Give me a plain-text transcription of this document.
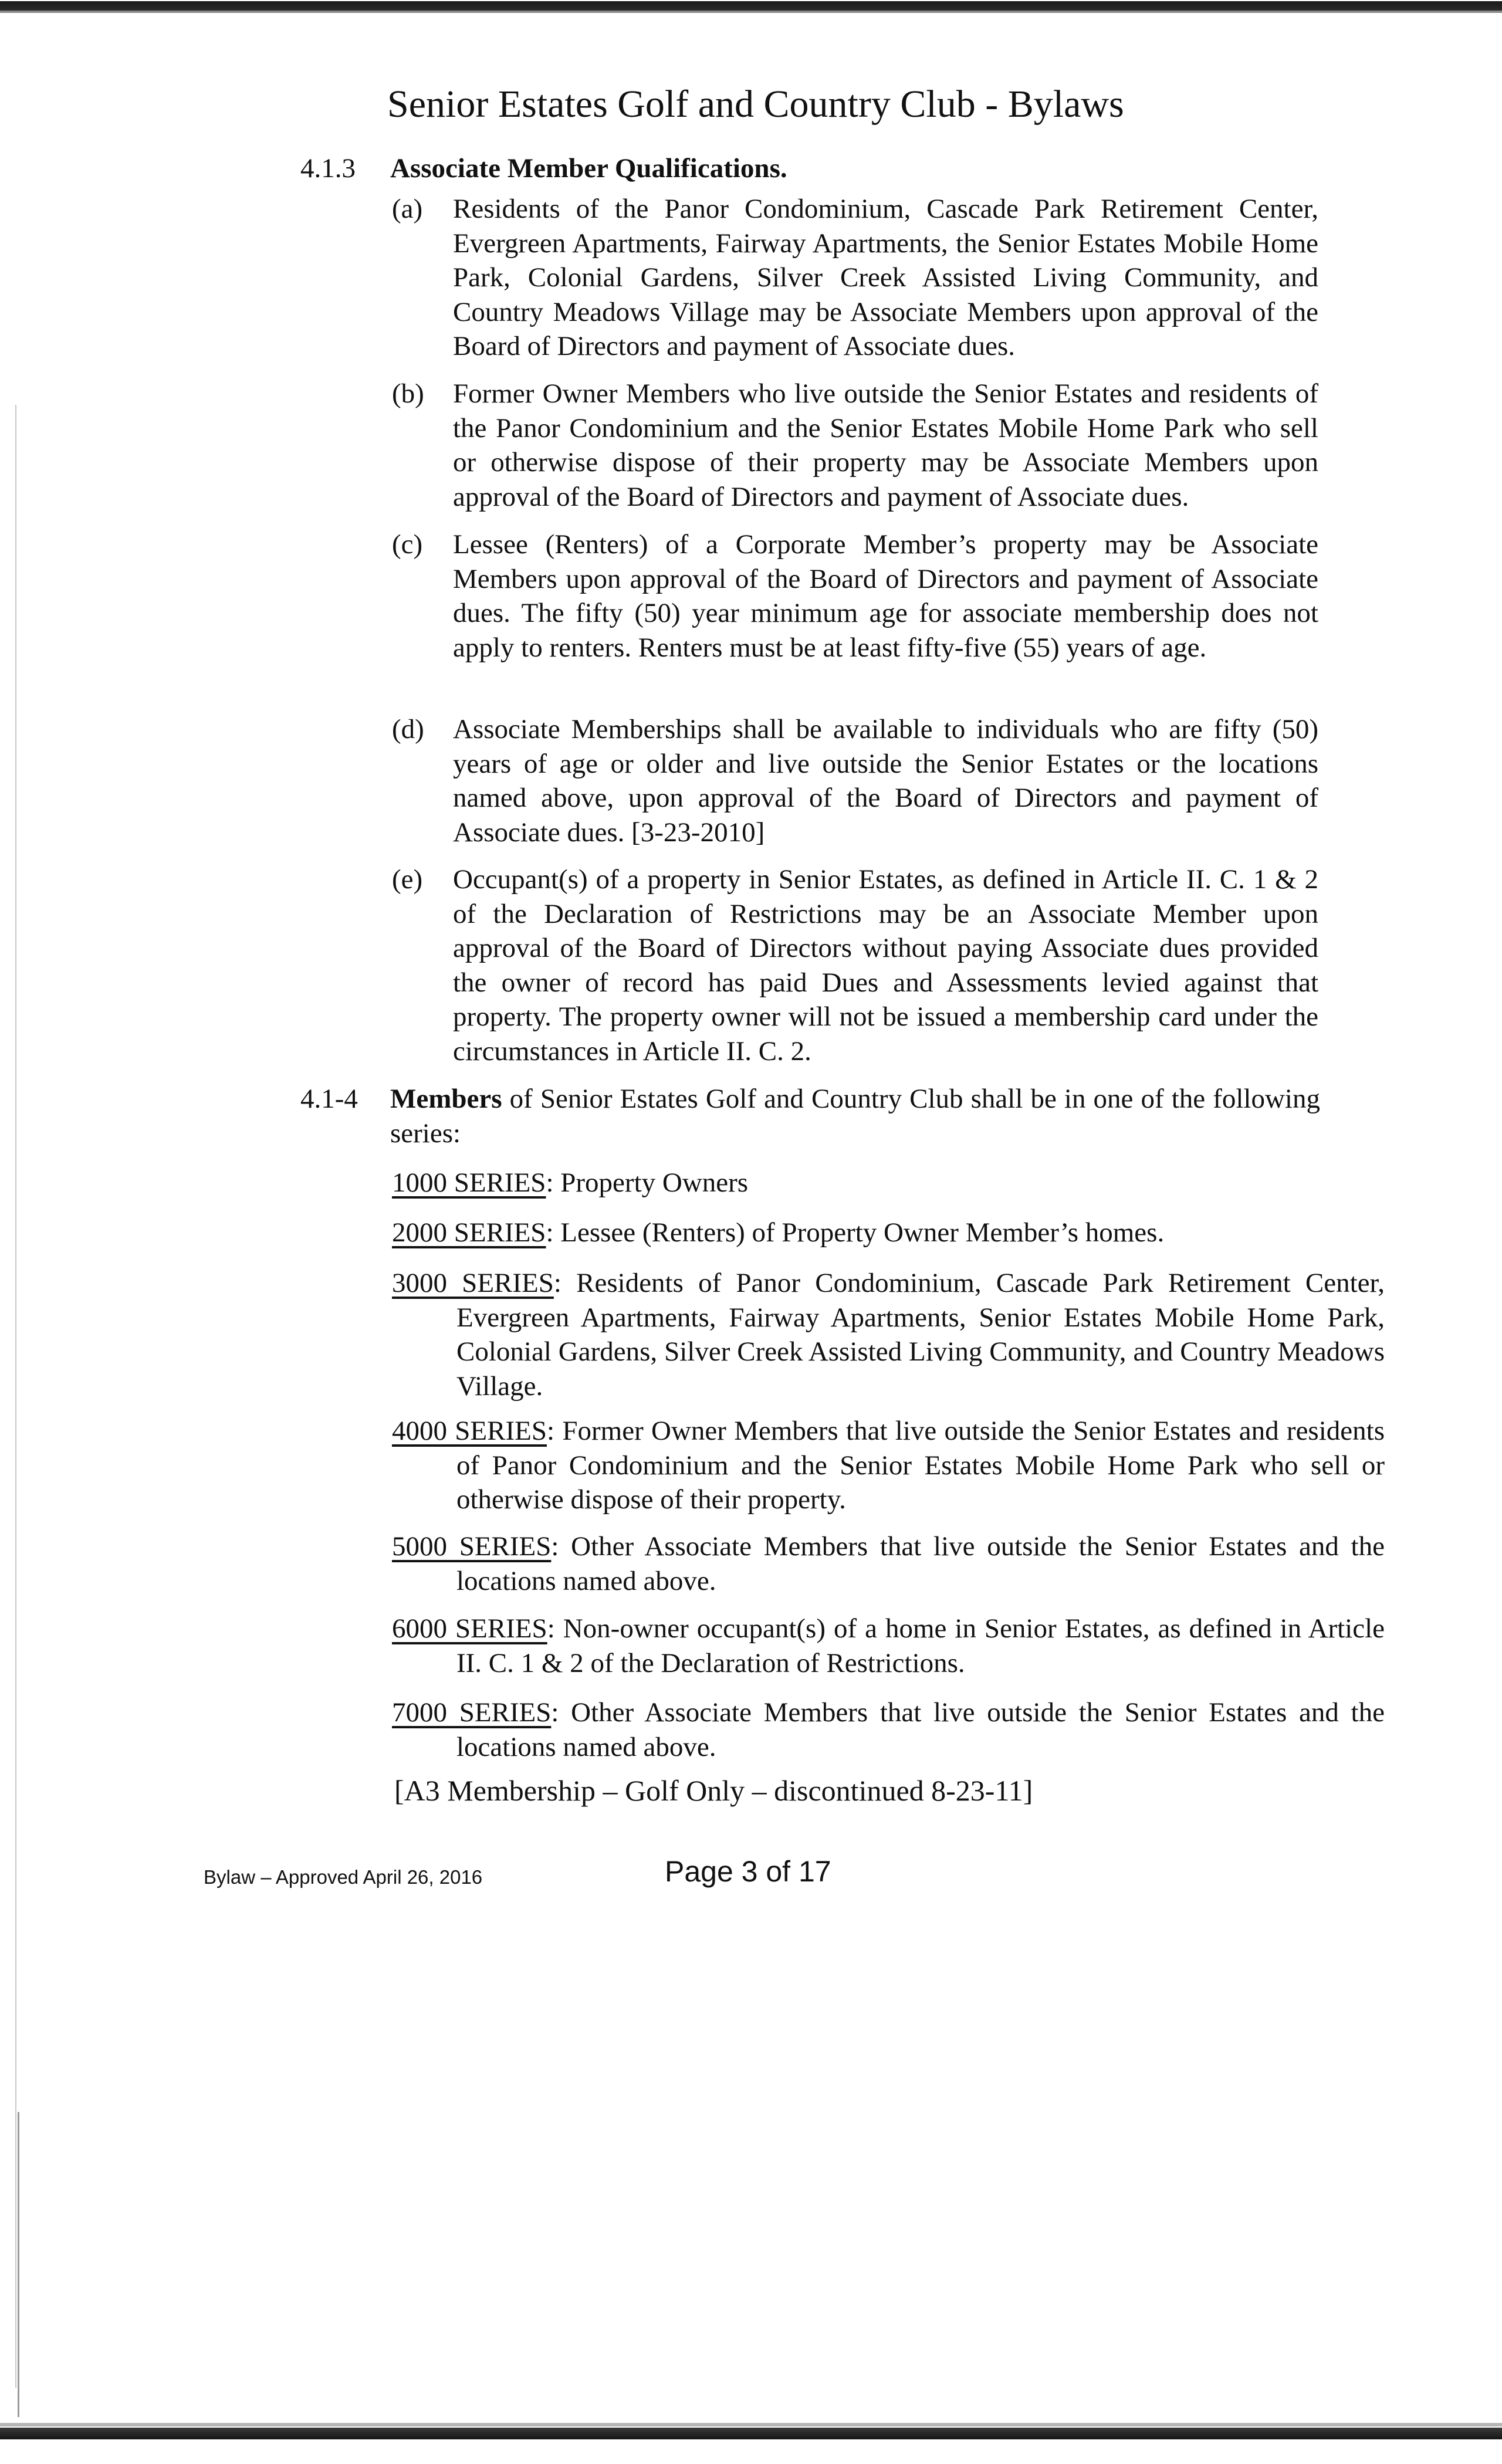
Senior Estates Golf and Country Club - Bylaws
4.1.3 Associate Member Qualifications.
(a) Residents of the Panor Condominium, Cascade Park Retirement Center, Evergreen Apartments, Fairway Apartments, the Senior Estates Mobile Home Park, Colonial Gardens, Silver Creek Assisted Living Community, and Country Meadows Village may be Associate Members upon approval of the Board of Directors and payment of Associate dues.

(b) Former Owner Members who live outside the Senior Estates and residents of the Panor Condominium and the Senior Estates Mobile Home Park who sell or otherwise dispose of their property may be Associate Members upon approval of the Board of Directors and payment of Associate dues.

(c) Lessee (Renters) of a Corporate Member’s property may be Associate Members upon approval of the Board of Directors and payment of Associate dues. The fifty (50) year minimum age for associate membership does not apply to renters. Renters must be at least fifty-five (55) years of age.

(d) Associate Memberships shall be available to individuals who are fifty (50) years of age or older and live outside the Senior Estates or the locations named above, upon approval of the Board of Directors and payment of Associate dues. [3-23-2010]

(e) Occupant(s) of a property in Senior Estates, as defined in Article II. C. 1 & 2 of the Declaration of Restrictions may be an Associate Member upon approval of the Board of Directors without paying Associate dues provided the owner of record has paid Dues and Assessments levied against that property. The property owner will not be issued a membership card under the circumstances in Article II. C. 2.

4.1-4 Members of Senior Estates Golf and Country Club shall be in one of the following series:

1000 SERIES: Property Owners

2000 SERIES: Lessee (Renters) of Property Owner Member’s homes.

3000 SERIES: Residents of Panor Condominium, Cascade Park Retirement Center, Evergreen Apartments, Fairway Apartments, Senior Estates Mobile Home Park, Colonial Gardens, Silver Creek Assisted Living Community, and Country Meadows Village.

4000 SERIES: Former Owner Members that live outside the Senior Estates and residents of Panor Condominium and the Senior Estates Mobile Home Park who sell or otherwise dispose of their property.

5000 SERIES: Other Associate Members that live outside the Senior Estates and the locations named above.

6000 SERIES: Non-owner occupant(s) of a home in Senior Estates, as defined in Article II. C. 1 & 2 of the Declaration of Restrictions.

7000 SERIES: Other Associate Members that live outside the Senior Estates and the locations named above.

[A3 Membership – Golf Only – discontinued 8-23-11]
Bylaw – Approved April 26, 2016	Page 3 of 17
